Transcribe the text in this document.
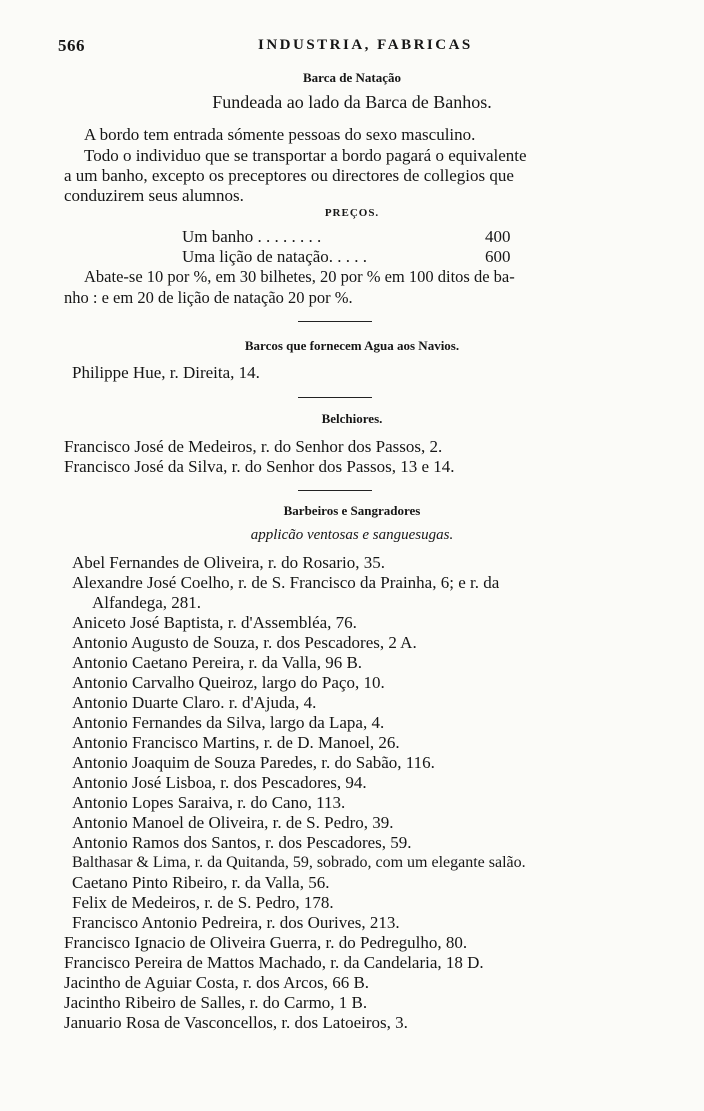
566	INDUSTRIA, FABRICAS
Barca de Natação
Fundeada ao lado da Barca de Banhos.
A bordo tem entrada sómente pessoas do sexo masculino.
Todo o individuo que se transportar a bordo pagará o equivalente
a um banho, excepto os preceptores ou directores de collegios que
conduzirem seus alumnos.
PREÇOS.
Um banho . . . . . . . .	400
Uma lição de natação. . . . .	600
Abate-se 10 por %, em 30 bilhetes, 20 por % em 100 ditos de ba-
nho : e em 20 de lição de natação 20 por %.
Barcos que fornecem Agua aos Navios.
Philippe Hue, r. Direita, 14.
Belchiores.
Francisco José de Medeiros, r. do Senhor dos Passos, 2.
Francisco José da Silva, r. do Senhor dos Passos, 13 e 14.
Barbeiros e Sangradores
applicão ventosas e sanguesugas.
Abel Fernandes de Oliveira, r. do Rosario, 35.
Alexandre José Coelho, r. de S. Francisco da Prainha, 6; e r. da
Alfandega, 281.
Aniceto José Baptista, r. d'Assembléa, 76.
Antonio Augusto de Souza, r. dos Pescadores, 2 A.
Antonio Caetano Pereira, r. da Valla, 96 B.
Antonio Carvalho Queiroz, largo do Paço, 10.
Antonio Duarte Claro. r. d'Ajuda, 4.
Antonio Fernandes da Silva, largo da Lapa, 4.
Antonio Francisco Martins, r. de D. Manoel, 26.
Antonio Joaquim de Souza Paredes, r. do Sabão, 116.
Antonio José Lisboa, r. dos Pescadores, 94.
Antonio Lopes Saraiva, r. do Cano, 113.
Antonio Manoel de Oliveira, r. de S. Pedro, 39.
Antonio Ramos dos Santos, r. dos Pescadores, 59.
Balthasar & Lima, r. da Quitanda, 59, sobrado, com um elegante salão.
Caetano Pinto Ribeiro, r. da Valla, 56.
Felix de Medeiros, r. de S. Pedro, 178.
Francisco Antonio Pedreira, r. dos Ourives, 213.
Francisco Ignacio de Oliveira Guerra, r. do Pedregulho, 80.
Francisco Pereira de Mattos Machado, r. da Candelaria, 18 D.
Jacintho de Aguiar Costa, r. dos Arcos, 66 B.
Jacintho Ribeiro de Salles, r. do Carmo, 1 B.
Januario Rosa de Vasconcellos, r. dos Latoeiros, 3.
